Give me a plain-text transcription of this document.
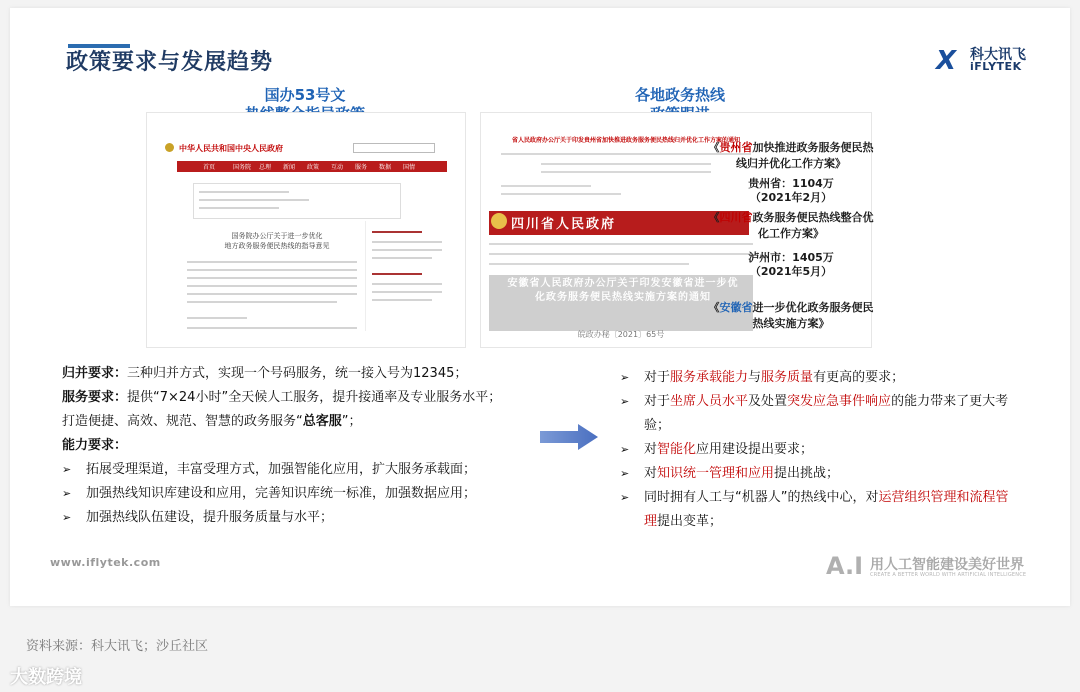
政策要求与发展趋势	X 科大讯飞
iFLYTEK
国办53号文
中华人民共和国中央人民政府
首页	国务院 总理 新闻 政策 互动 服务 数据 国情
国务院办公厅关于进一步优化
地方政务服务便民热线的指导意见
各地政务热线
省人民政府办公厅关于印发贵州省加快推进政务服务便民热线归并优化工作方案的通知
四川省人民政府
安徽省人民政府办公厅关于印发安徽省进一步优化政务服务便民热线实施方案的通知
皖政办秘〔2021〕65号
《贵州省加快推进政务服务便民热线归并优化工作方案》
贵州省：1104万
（2021年2月）
《四川省政务服务便民热线整合优化工作方案》
泸州市：1405万
（2021年5月）
《安徽省进一步优化政务服务便民热线实施方案》
归并要求：三种归并方式，实现一个号码服务，统一接入号为12345；
服务要求：提供“7×24小时”全天候人工服务，提升接通率及专业服务水平；
打造便捷、高效、规范、智慧的政务服务“总客服”；
能力要求：
➢ 拓展受理渠道，丰富受理方式，加强智能化应用，扩大服务承载面；
➢ 加强热线知识库建设和应用，完善知识库统一标准，加强数据应用；
➢ 加强热线队伍建设，提升服务质量与水平；
➢ 对于服务承载能力与服务质量有更高的要求；
➢ 对于坐席人员水平及处置突发应急事件响应的能力带来了更大考验；
➢ 对智能化应用建设提出要求；
➢ 对知识统一管理和应用提出挑战；
➢ 同时拥有人工与“机器人”的热线中心，对运营组织管理和流程管理提出变革；
www.iflytek.com	A.I 用人工智能建设美好世界
CREATE A BETTER WORLD WITH ARTIFICIAL INTELLIGENCE
资料来源：科大讯飞；沙丘社区
大数跨境
